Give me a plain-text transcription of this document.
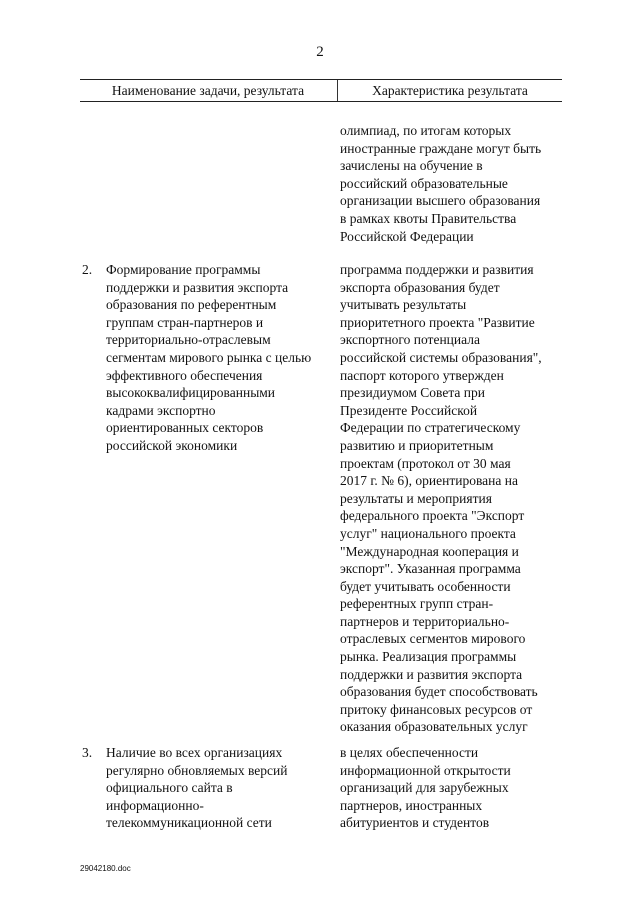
2
Наименование задачи, результата	Характеристика результата
олимпиад, по итогам которых
иностранные граждане могут быть
зачислены на обучение в
российский образовательные
организации высшего образования
в рамках квоты Правительства
Российской Федерации
2. Формирование программы
поддержки и развития экспорта
образования по референтным
группам стран-партнеров и
территориально-отраслевым
сегментам мирового рынка с целью
эффективного обеспечения
высококвалифицированными
кадрами экспортно
ориентированных секторов
российской экономики
программа поддержки и развития
экспорта образования будет
учитывать результаты
приоритетного проекта "Развитие
экспортного потенциала
российской системы образования",
паспорт которого утвержден
президиумом Совета при
Президенте Российской
Федерации по стратегическому
развитию и приоритетным
проектам (протокол от 30 мая
2017 г. № 6), ориентирована на
результаты и мероприятия
федерального проекта "Экспорт
услуг" национального проекта
"Международная кооперация и
экспорт". Указанная программа
будет учитывать особенности
референтных групп стран-
партнеров и территориально-
отраслевых сегментов мирового
рынка. Реализация программы
поддержки и развития экспорта
образования будет способствовать
притоку финансовых ресурсов от
оказания образовательных услуг
3. Наличие во всех организациях
регулярно обновляемых версий
официального сайта в
информационно-
телекоммуникационной сети
в целях обеспеченности
информационной открытости
организаций для зарубежных
партнеров, иностранных
абитуриентов и студентов
29042180.doc
